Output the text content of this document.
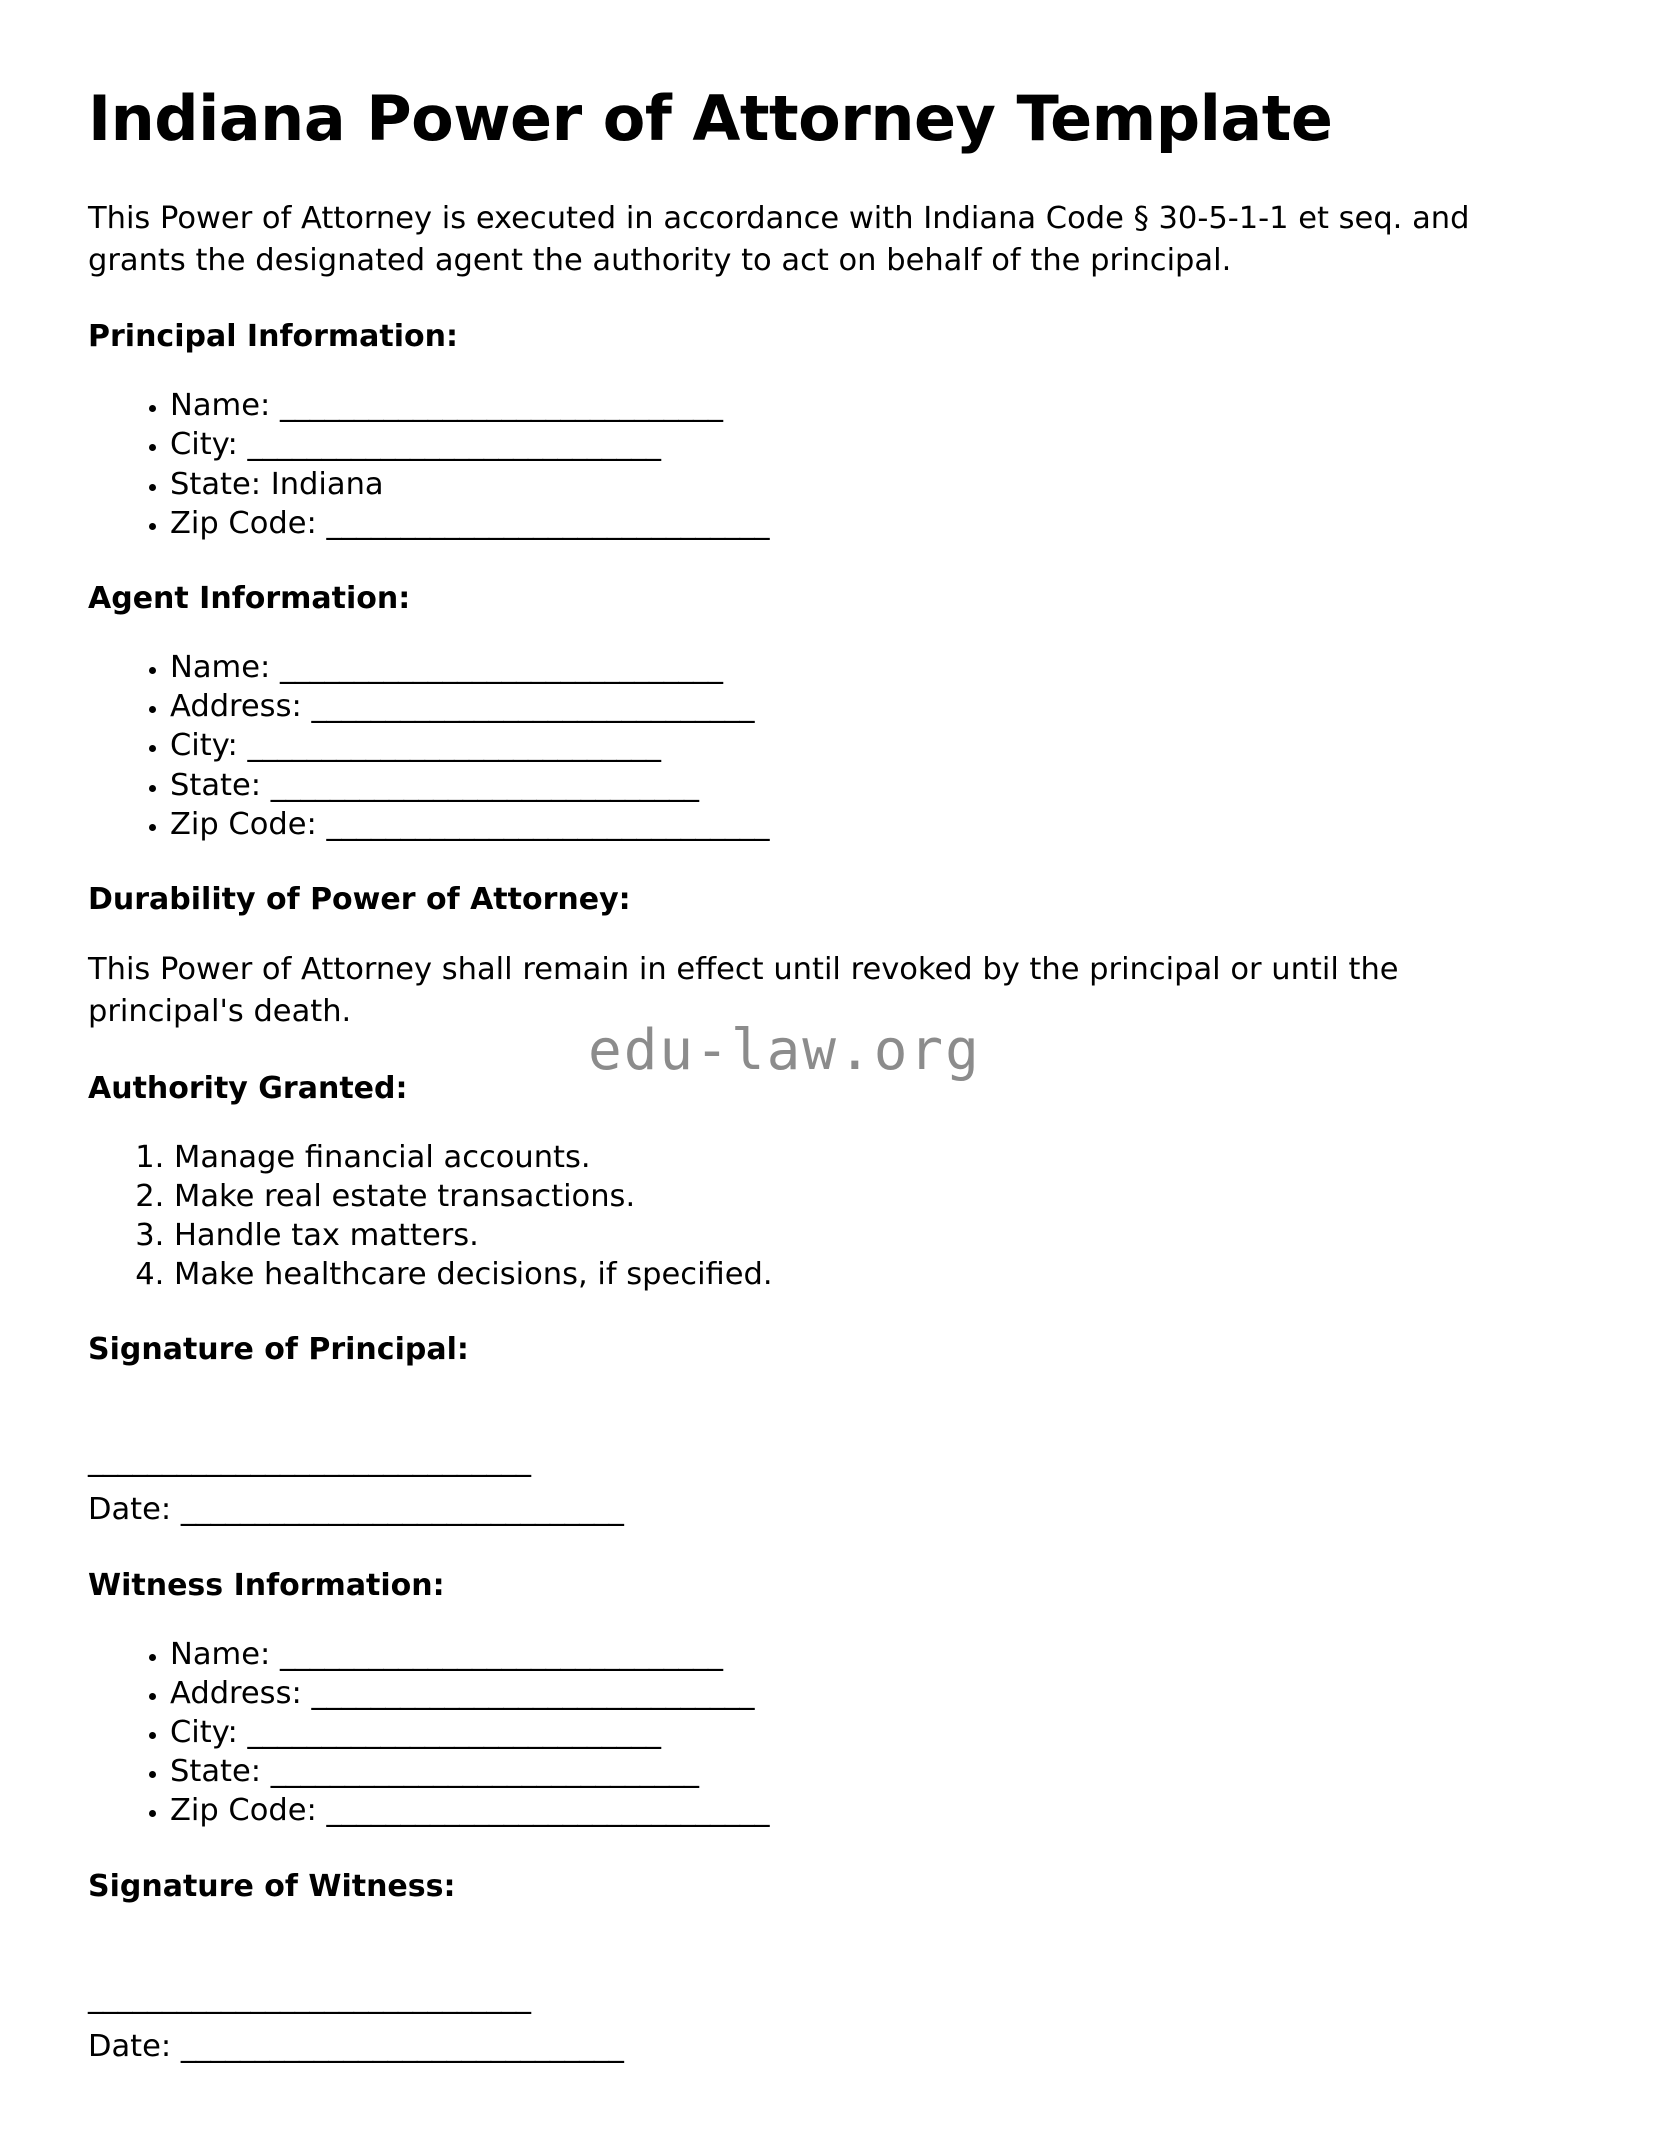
edu-law.org
Indiana Power of Attorney Template

This Power of Attorney is executed in accordance with Indiana Code § 30-5-1-1 et seq. and grants the designated agent the authority to act on behalf of the principal.

Principal Information:
• Name: ______________________________
• City: ____________________________
• State: Indiana
• Zip Code: ______________________________
Agent Information:
• Name: ______________________________
• Address: ______________________________
• City: ____________________________
• State: _____________________________
• Zip Code: ______________________________
Durability of Power of Attorney:

This Power of Attorney shall remain in effect until revoked by the principal or until the principal's death.

Authority Granted:
1. Manage financial accounts.
2. Make real estate transactions.
3. Handle tax matters.
4. Make healthcare decisions, if specified.
Signature of Principal:
______________________________
Date: ______________________________
Witness Information:
• Name: ______________________________
• Address: ______________________________
• City: ____________________________
• State: _____________________________
• Zip Code: ______________________________
Signature of Witness:
______________________________
Date: ______________________________
